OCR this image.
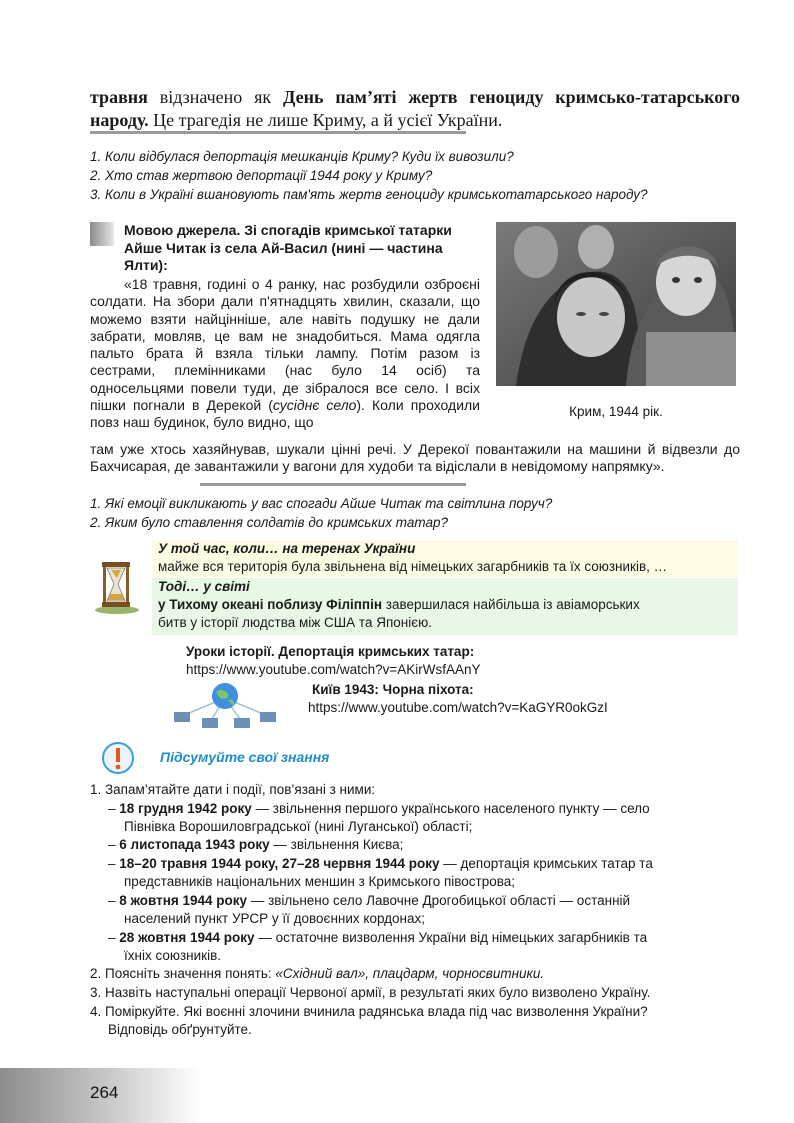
травня відзначено як День пам’яті жертв геноциду кримсько-татарського народу. Це трагедія не лише Криму, а й усієї України.
1. Коли відбулася депортація мешканців Криму? Куди їх вивозили?
2. Хто став жертвою депортації 1944 року у Криму?
3. Коли в Україні вшановують пам'ять жертв геноциду кримськотатарського народу?
Мовою джерела. Зі спогадів кримської татарки Айше Читак із села Ай-Васил (нині — частина Ялти):
Крим, 1944 рік.
«18 травня, годині о 4 ранку, нас розбудили озброєні солдати. На збори дали п'ятнадцять хвилин, сказали, що можемо взяти найцінніше, але навіть подушку не дали забрати, мовляв, це вам не знадобиться. Мама одягла пальто брата й взяла тільки лампу. Потім разом із сестрами, племінниками (нас було 14 осіб) та односельцями повели туди, де зібралося все село. І всіх пішки погнали в Дерекой (сусіднє село). Коли проходили повз наш будинок, було видно, що
там уже хтось хазяйнував, шукали цінні речі. У Дерекої повантажили на машини й відвезли до Бахчисарая, де завантажили у вагони для худоби та відіслали в невідомому напрямку».
1. Які емоції викликають у вас спогади Айше Читак та світлина поруч?
2. Яким було ставлення солдатів до кримських татар?
У той час, коли… на теренах України
майже вся територія була звільнена від німецьких загарбників та їх союзників, …
Тоді… у світі
у Тихому океані поблизу Філіппін завершилася найбільша із авіаморських
битв у історії людства між США та Японією.
Уроки історії. Депортація кримських татар:
https://www.youtube.com/watch?v=AKirWsfAAnY
Київ 1943: Чорна піхота:
https://www.youtube.com/watch?v=KaGYR0okGzI
Підсумуйте свої знання
1. Запам’ятайте дати і події, пов’язані з ними:
– 18 грудня 1942 року — звільнення першого українського населеного пункту — село
Півнівка Ворошиловградської (нині Луганської) області;
– 6 листопада 1943 року — звільнення Києва;
– 18–20 травня 1944 року, 27–28 червня 1944 року — депортація кримських татар та
представників національних меншин з Кримського півострова;
– 8 жовтня 1944 року — звільнено село Лавочне Дрогобицької області — останній
населений пункт УРСР у її довоєнних кордонах;
– 28 жовтня 1944 року — остаточне визволення України від німецьких загарбників та
їхніх союзників.
2. Поясніть значення понять: «Східний вал», плацдарм, чорносвитники.
3. Назвіть наступальні операції Червоної армії, в результаті яких було визволено Україну.
4. Поміркуйте. Які воєнні злочини вчинила радянська влада під час визволення України?
Відповідь обґрунтуйте.
264
